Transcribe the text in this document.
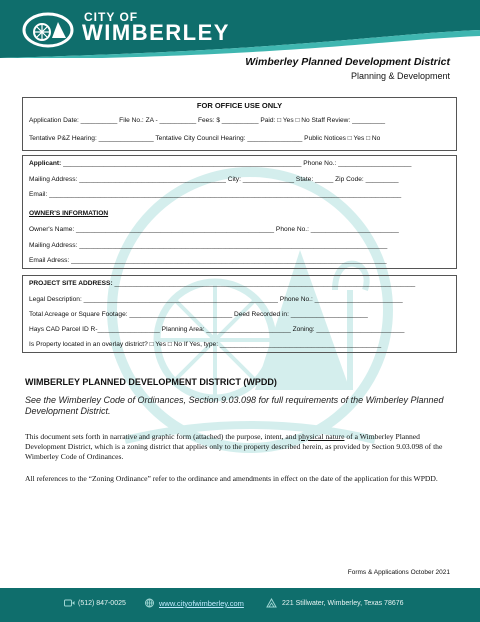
CITY OF
WIMBERLEY
Wimberley Planned Development District
Planning & Development
FOR OFFICE USE ONLY
Application Date: __________ File No.: ZA - __________ Fees: $ __________ Paid: □ Yes □ No Staff Review: _________
Tentative P&Z Hearing: _______________ Tentative City Council Hearing: _______________ Public Notices □ Yes □ No
Applicant: _________________________________________________________________ Phone No.: ____________________
Mailing Address: ________________________________________ City: ______________ State: _____ Zip Code: _________
Email: ________________________________________________________________________________________________
OWNER'S INFORMATION
Owner's Name: ______________________________________________________ Phone No.: ________________________
Mailing Address: ____________________________________________________________________________________
Email Adress: ______________________________________________________________________________________
PROJECT SITE ADDRESS: __________________________________________________________________________________
Legal Description: _____________________________________________________ Phone No.: ________________________
Total Acreage or Square Footage: ____________________________ Deed Recorded in: _____________________
Hays CAD Parcel ID R-_________________ Planning Area: _______________________ Zoning: ________________________
Is Property located in an overlay district? □ Yes □ No If Yes, type: ____________________________________________
WIMBERLEY PLANNED DEVELOPMENT DISTRICT (WPDD)
See the Wimberley Code of Ordinances, Section 9.03.098 for full requirements of the Wimberley Planned Development District.
This document sets forth in narrative and graphic form (attached) the purpose, intent, and physical nature of a Wimberley Planned Development District, which is a zoning district that applies only to the property described herein, as provided by Section 9.03.098 of the Wimberley Code of Ordinances.
All references to the “Zoning Ordinance” refer to the ordinance and amendments in effect on the date of the application for this WPDD.
Forms & Applications October 2021
(512) 847-0025	www.cityofwimberley.com	221 Stillwater, Wimberley, Texas 78676
